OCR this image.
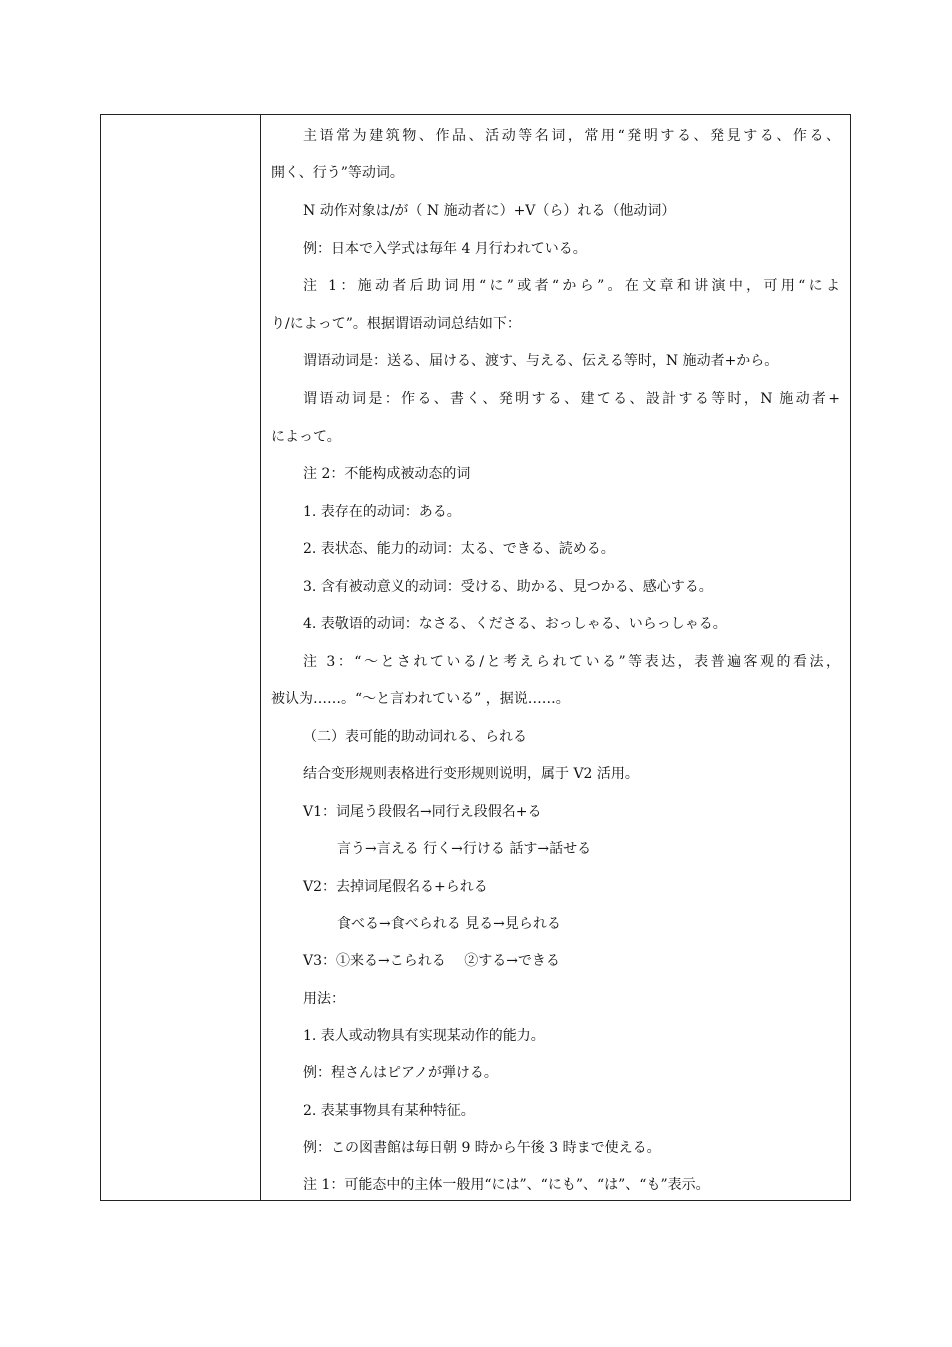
主语常为建筑物、作品、活动等名词，常用“発明する、発見する、作る、
開く、行う”等动词。
N 动作对象は/が（ N 施动者に）+V（ら）れる（他动词）
例：日本で入学式は毎年 4 月行われている。
注 1：施动者后助词用“に”或者“から”。在文章和讲演中，可用“によ
り/によって”。根据谓语动词总结如下：
谓语动词是：送る、届ける、渡す、与える、伝える等时，N 施动者+から。
谓语动词是：作る、書く、発明する、建てる、設計する等时，N 施动者+
によって。
注 2：不能构成被动态的词
1. 表存在的动词：ある。
2. 表状态、能力的动词：太る、できる、読める。
3. 含有被动意义的动词：受ける、助かる、見つかる、感心する。
4. 表敬语的动词：なさる、くださる、おっしゃる、いらっしゃる。
注 3：“～とされている/と考えられている”等表达，表普遍客观的看法，
被认为……。“～と言われている” ，据说……。
（二）表可能的助动词れる、られる
结合变形规则表格进行变形规则说明，属于 V2 活用。
V1：词尾う段假名→同行え段假名+る
言う→言える 行く→行ける 話す→話せる
V2：去掉词尾假名る+られる
食べる→食べられる 見る→見られる
V3：①来る→こられる　 ②する→できる
用法：
1. 表人或动物具有实现某动作的能力。
例：程さんはピアノが弾ける。
2. 表某事物具有某种特征。
例：この図書館は毎日朝 9 時から午後 3 時まで使える。
注 1：可能态中的主体一般用“には”、“にも”、“は”、“も”表示。
